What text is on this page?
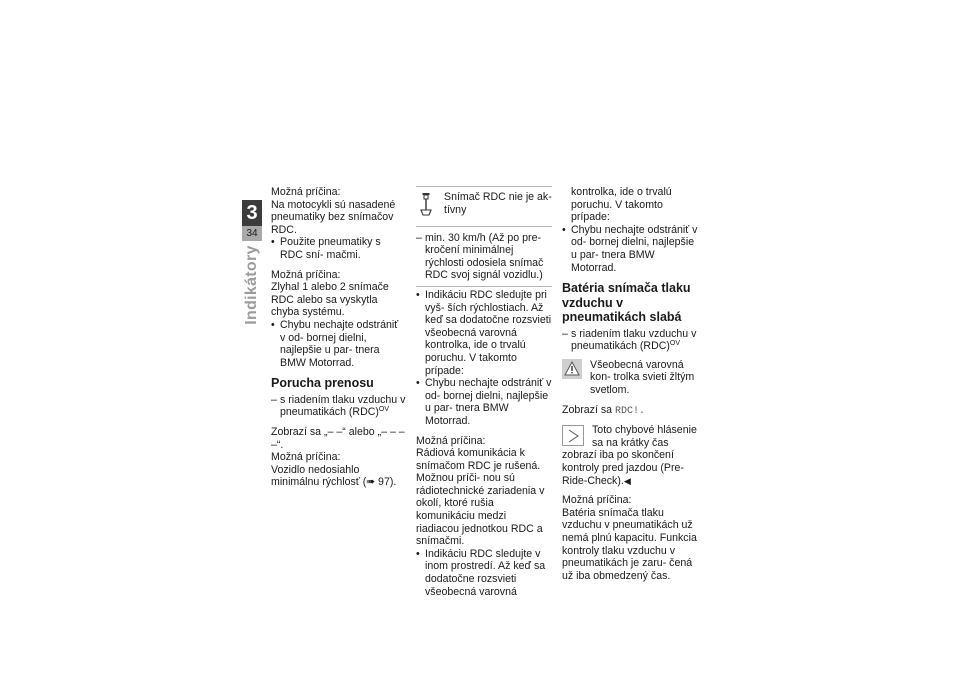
3
34
Indikátory

Možná príčina:

Na motocykli sú nasadené pneumatiky bez snímačov RDC.

• Použite pneumatiky s RDC sní- mačmi.

Možná príčina:

Zlyhal 1 alebo 2 snímače RDC alebo sa vyskytla chyba systému.

• Chybu nechajte odstrániť v od- bornej dielni, najlepšie u par- tnera BMW Motorrad.

Porucha prenosu

– s riadením tlaku vzduchu v pneumatikách (RDC)$^{OV}$

Zobrazí sa „– –“ alebo „– – – –“.

Možná príčina:

Vozidlo nedosiahlo minimálnu rýchlosť (➠ 97).

Snímač RDC nie je ak- tívny

– min. 30 km/h (Až po pre- kročení minimálnej rýchlosti odosiela snímač RDC svoj signál vozidlu.)

• Indikáciu RDC sledujte pri vyš- ších rýchlostiach. Až keď sa dodatočne rozsvieti všeobecná varovná kontrolka, ide o trvalú poruchu. V takomto prípade:

• Chybu nechajte odstrániť v od- bornej dielni, najlepšie u par- tnera BMW Motorrad.

Možná príčina:

Rádiová komunikácia k snímačom RDC je rušená. Možnou príči- nou sú rádiotechnické zariadenia v okolí, ktoré rušia komunikáciu medzi riadiacou jednotkou RDC a snímačmi.

• Indikáciu RDC sledujte v inom prostredí. Až keď sa dodatočne rozsvieti všeobecná varovná

kontrolka, ide o trvalú poruchu. V takomto prípade:

• Chybu nechajte odstrániť v od- bornej dielni, najlepšie u par- tnera BMW Motorrad.

Batéria snímača tlaku vzduchu v pneumatikách slabá

– s riadením tlaku vzduchu v pneumatikách (RDC)$^{OV}$

Všeobecná varovná kon- trolka svieti žltým svetlom.

Zobrazí sa RDC!.

Toto chybové hlásenie sa na krátky čas zobrazí iba po skončení kontroly pred jazdou (Pre-Ride-Check).◀

Možná príčina:

Batéria snímača tlaku vzduchu v pneumatikách už nemá plnú kapacitu. Funkcia kontroly tlaku vzduchu v pneumatikách je zaru- čená už iba obmedzený čas.
